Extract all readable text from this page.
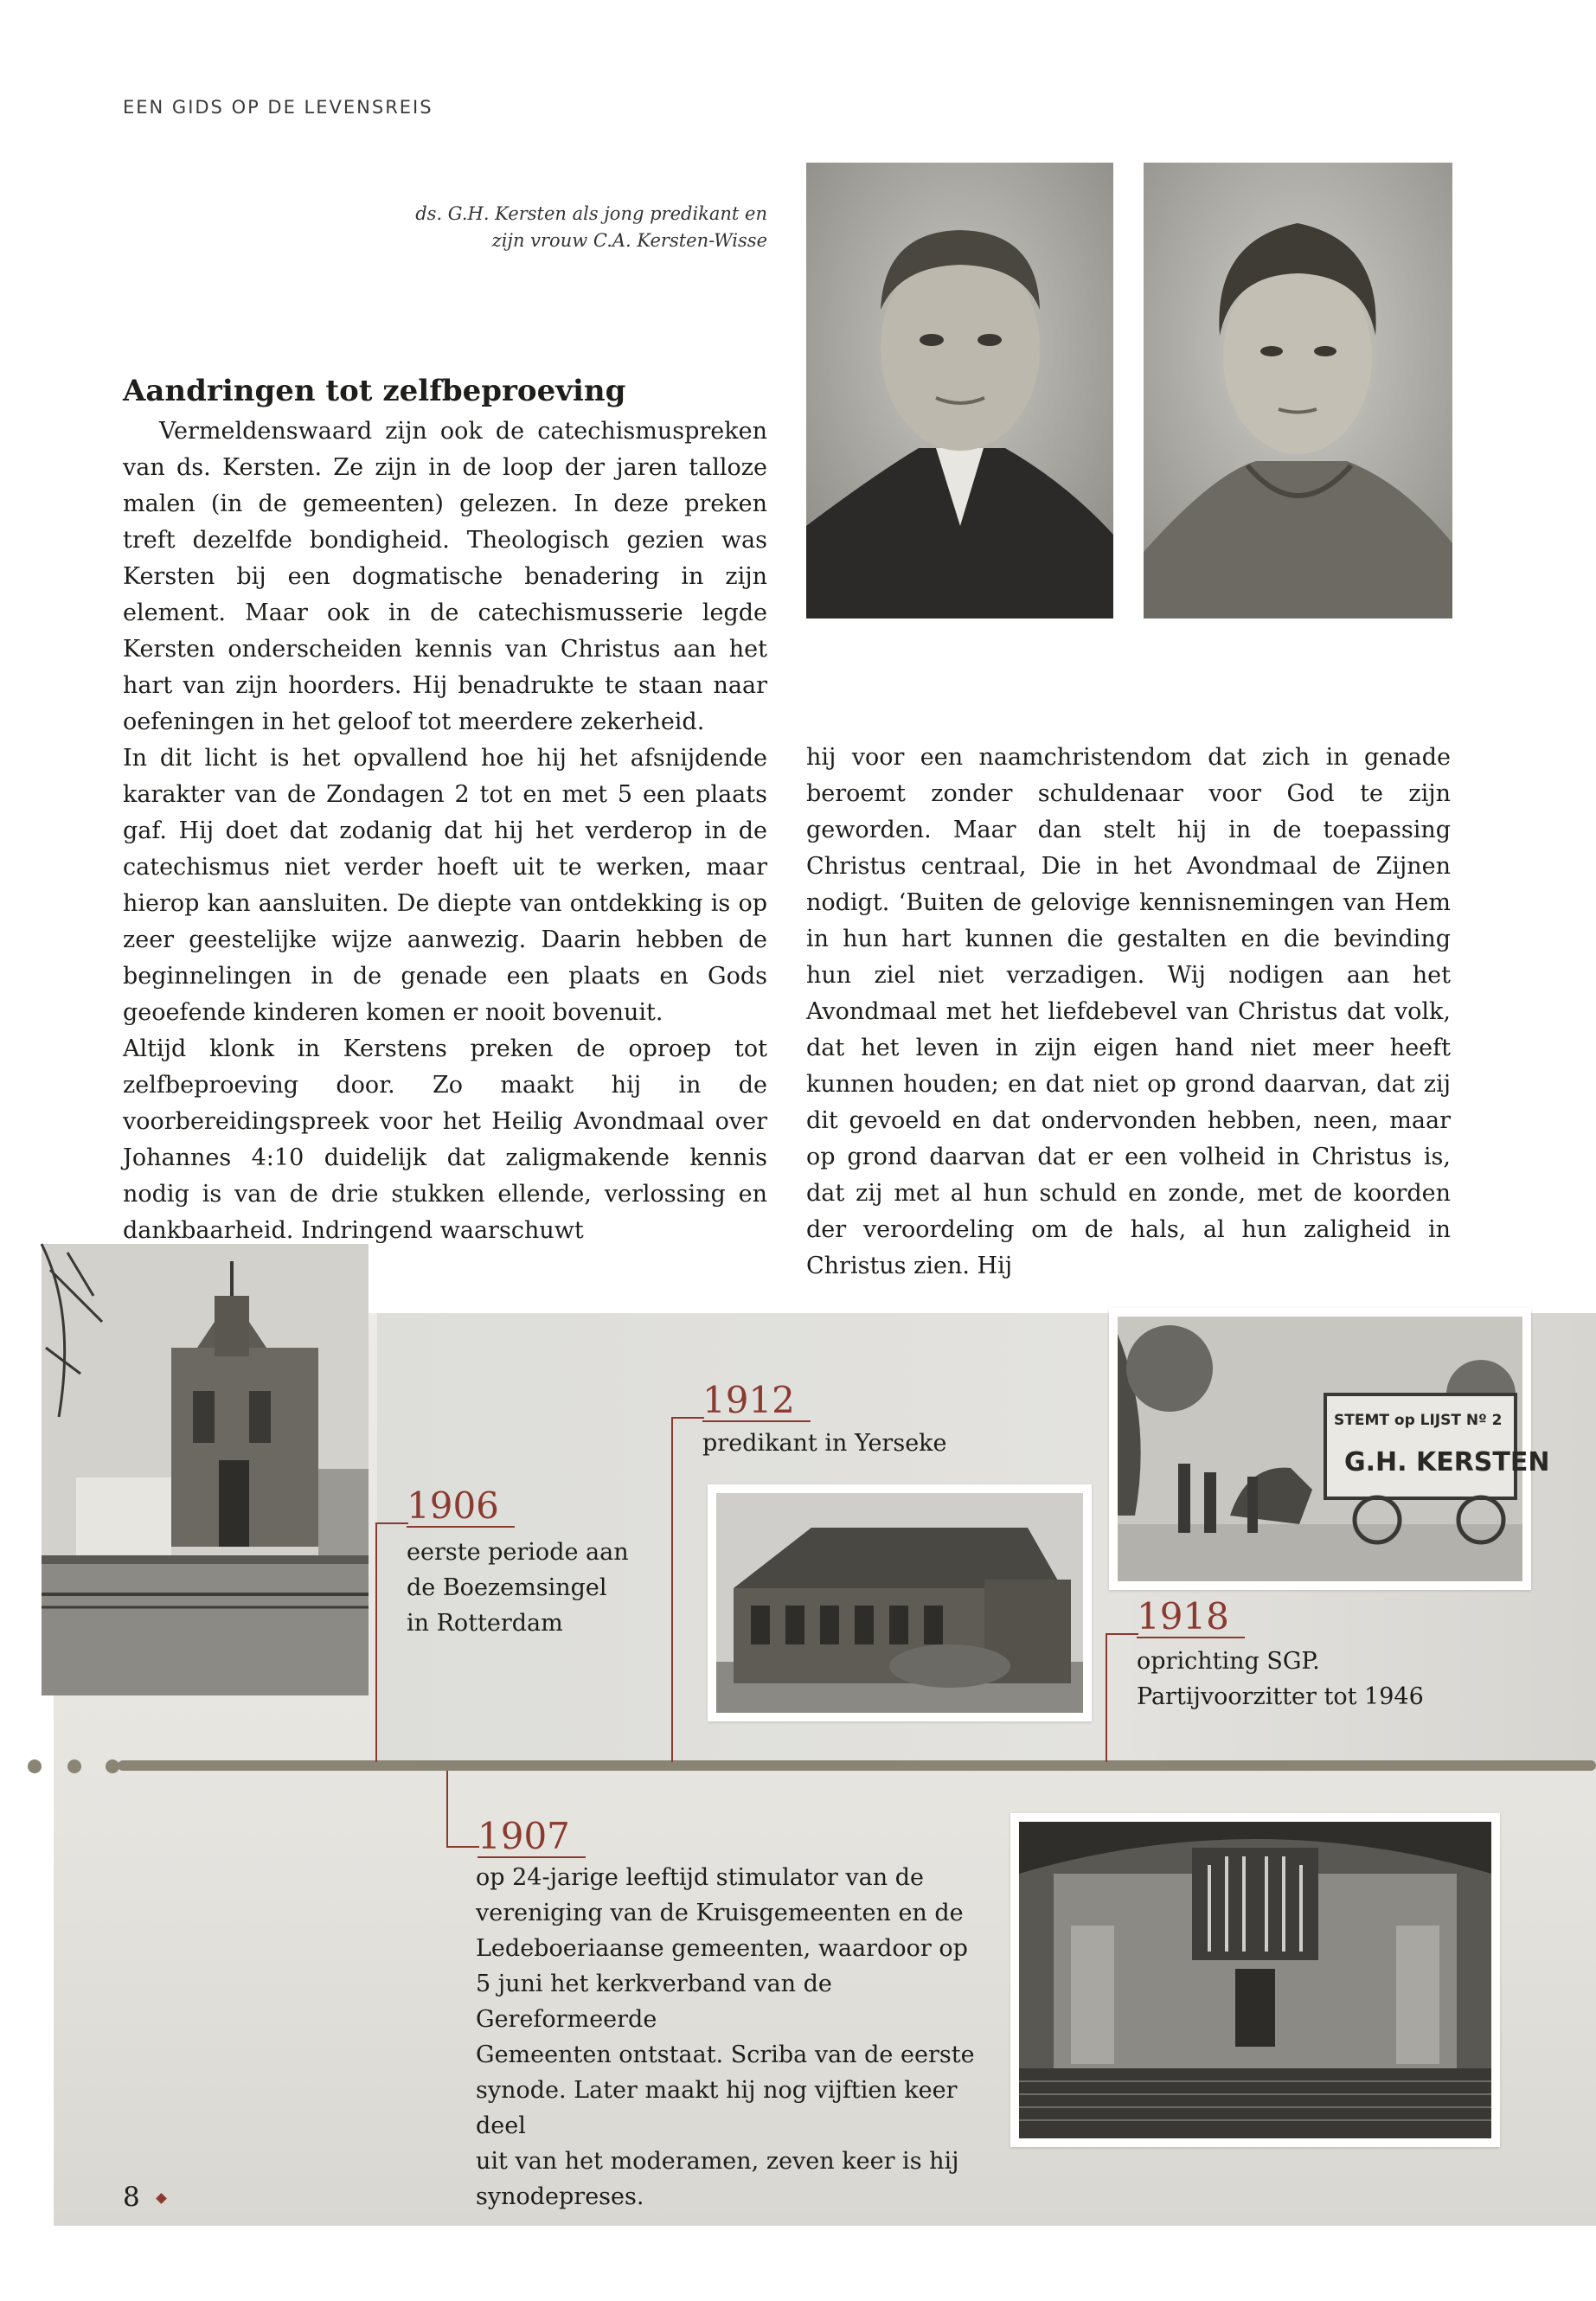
EEN GIDS OP DE LEVENSREIS
ds. G.H. Kersten als jong predikant en
zijn vrouw C.A. Kersten-Wisse
Aandringen tot zelfbeproeving

Vermeldenswaard zijn ook de catechismuspreken van ds. Kersten. Ze zijn in de loop der jaren talloze malen (in de gemeenten) gelezen. In deze preken treft dezelfde bondigheid. Theologisch gezien was Kersten bij een dogmatische benadering in zijn element. Maar ook in de catechismusserie legde Kersten onderscheiden kennis van Christus aan het hart van zijn hoorders. Hij benadrukte te staan naar oefeningen in het geloof tot meerdere zekerheid.

In dit licht is het opvallend hoe hij het afsnijdende karakter van de Zondagen 2 tot en met 5 een plaats gaf. Hij doet dat zodanig dat hij het verderop in de catechismus niet verder hoeft uit te werken, maar hierop kan aansluiten. De diepte van ontdekking is op zeer geestelijke wijze aanwezig. Daarin hebben de beginnelingen in de genade een plaats en Gods geoefende kinderen komen er nooit bovenuit.

Altijd klonk in Kerstens preken de oproep tot zelfbeproeving door. Zo maakt hij in de voorbereidingspreek voor het Heilig Avondmaal over Johannes 4:10 duidelijk dat zaligmakende kennis nodig is van de drie stukken ellende, verlossing en dankbaarheid. Indringend waarschuwt

hij voor een naamchristendom dat zich in genade beroemt zonder schuldenaar voor God te zijn geworden. Maar dan stelt hij in de toepassing Christus centraal, Die in het Avondmaal de Zijnen nodigt. ‘Buiten de gelovige kennisnemingen van Hem in hun hart kunnen die gestalten en die bevinding hun ziel niet verzadigen. Wij nodigen aan het Avondmaal met het liefdebevel van Christus dat volk, dat het leven in zijn eigen hand niet meer heeft kunnen houden; en dat niet op grond daarvan, dat zij dit gevoeld en dat ondervonden hebben, neen, maar op grond daarvan dat er een volheid in Christus is, dat zij met al hun schuld en zonde, met de koorden der veroordeling om de hals, al hun zaligheid in Christus zien. Hij

STEMT op LIJST Nº 2
G.H. KERSTEN
1906
eerste periode aan
de Boezemsingel
in Rotterdam
1912
predikant in Yerseke
1918
oprichting SGP.
Partijvoorzitter tot 1946
1907
op 24-jarige leeftijd stimulator van de
vereniging van de Kruisgemeenten en de
Ledeboeriaanse gemeenten, waardoor op
5 juni het kerkverband van de Gereformeerde
Gemeenten ontstaat. Scriba van de eerste
synode. Later maakt hij nog vijftien keer deel
uit van het moderamen, zeven keer is hij
synodepreses.
8
